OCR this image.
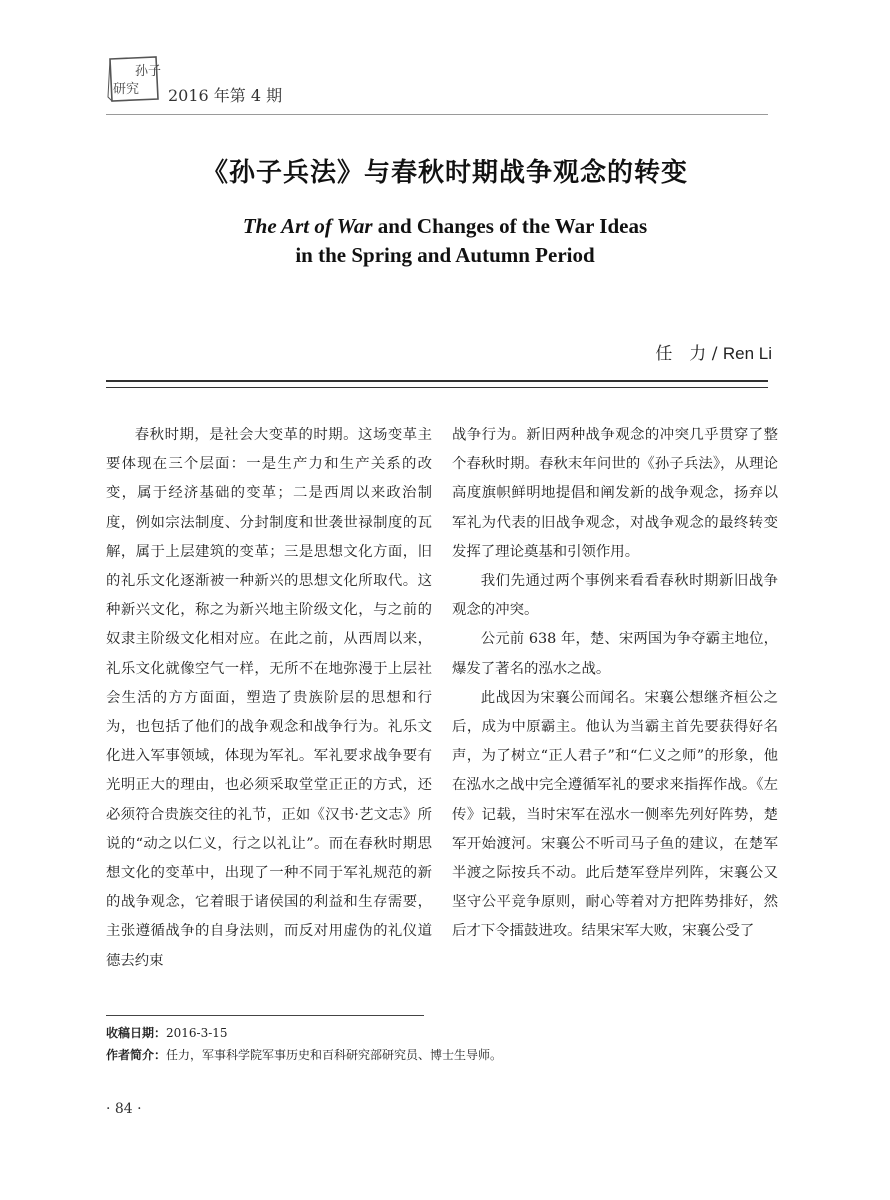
孙子
研究 2016 年第 4 期
《孙子兵法》与春秋时期战争观念的转变
The Art of War and Changes of the War Ideas
in the Spring and Autumn Period
任　力 / Ren Li

春秋时期，是社会大变革的时期。这场变革主要体现在三个层面：一是生产力和生产关系的改变，属于经济基础的变革；二是西周以来政治制度，例如宗法制度、分封制度和世袭世禄制度的瓦解，属于上层建筑的变革；三是思想文化方面，旧的礼乐文化逐渐被一种新兴的思想文化所取代。这种新兴文化，称之为新兴地主阶级文化，与之前的奴隶主阶级文化相对应。在此之前，从西周以来，礼乐文化就像空气一样，无所不在地弥漫于上层社会生活的方方面面，塑造了贵族阶层的思想和行为，也包括了他们的战争观念和战争行为。礼乐文化进入军事领域，体现为军礼。军礼要求战争要有光明正大的理由，也必须采取堂堂正正的方式，还必须符合贵族交往的礼节，正如《汉书·艺文志》所说的“动之以仁义，行之以礼让”。而在春秋时期思想文化的变革中，出现了一种不同于军礼规范的新的战争观念，它着眼于诸侯国的利益和生存需要，主张遵循战争的自身法则，而反对用虚伪的礼仪道德去约束

战争行为。新旧两种战争观念的冲突几乎贯穿了整个春秋时期。春秋末年问世的《孙子兵法》，从理论高度旗帜鲜明地提倡和阐发新的战争观念，扬弃以军礼为代表的旧战争观念，对战争观念的最终转变发挥了理论奠基和引领作用。

我们先通过两个事例来看看春秋时期新旧战争观念的冲突。

公元前 638 年，楚、宋两国为争夺霸主地位，爆发了著名的泓水之战。

此战因为宋襄公而闻名。宋襄公想继齐桓公之后，成为中原霸主。他认为当霸主首先要获得好名声，为了树立“正人君子”和“仁义之师”的形象，他在泓水之战中完全遵循军礼的要求来指挥作战。《左传》记载，当时宋军在泓水一侧率先列好阵势，楚军开始渡河。宋襄公不听司马子鱼的建议，在楚军半渡之际按兵不动。此后楚军登岸列阵，宋襄公又坚守公平竞争原则，耐心等着对方把阵势排好，然后才下令擂鼓进攻。结果宋军大败，宋襄公受了

收稿日期：2016-3-15
作者简介：任力，军事科学院军事历史和百科研究部研究员、博士生导师。
· 84 ·
